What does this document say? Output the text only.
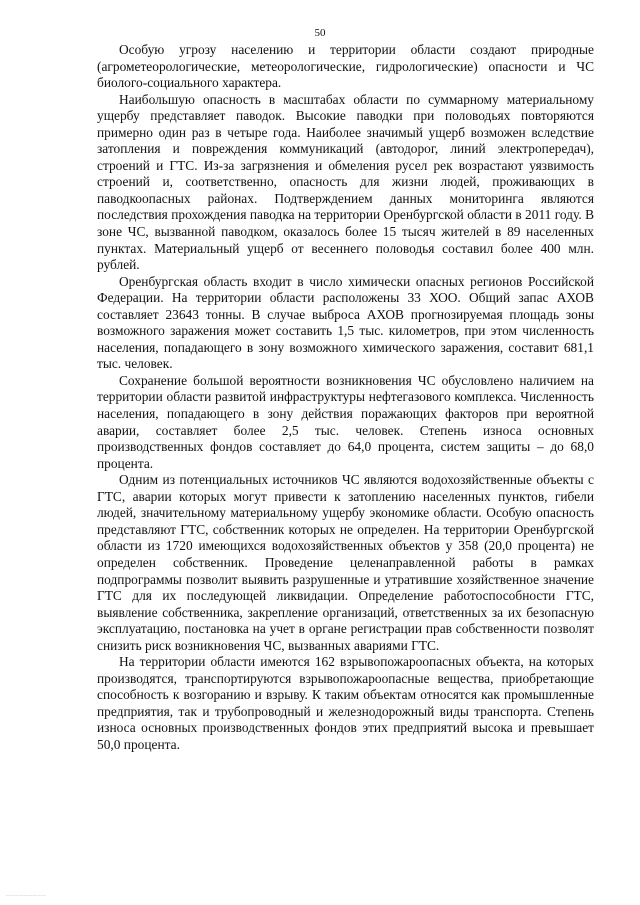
50

Особую угрозу населению и территории области создают природные (агрометеорологические, метеорологические, гидрологические) опасности и ЧС биолого-социального характера.

Наибольшую опасность в масштабах области по суммарному материальному ущербу представляет паводок. Высокие паводки при половодьях повторяются примерно один раз в четыре года. Наиболее значимый ущерб возможен вследствие затопления и повреждения коммуникаций (автодорог, линий электропередач), строений и ГТС. Из-за загрязнения и обмеления русел рек возрастают уязвимость строений и, соответственно, опасность для жизни людей, проживающих в паводкоопасных районах. Подтверждением данных мониторинга являются последствия прохождения паводка на территории Оренбургской области в 2011 году. В зоне ЧС, вызванной паводком, оказалось более 15 тысяч жителей в 89 населенных пунктах. Материальный ущерб от весеннего половодья составил более 400 млн. рублей.

Оренбургская область входит в число химически опасных регионов Российской Федерации. На территории области расположены 33 ХОО. Общий запас АХОВ составляет 23643 тонны. В случае выброса АХОВ прогнозируемая площадь зоны возможного заражения может составить 1,5 тыс. километров, при этом численность населения, попадающего в зону возможного химического заражения, составит 681,1 тыс. человек.

Сохранение большой вероятности возникновения ЧС обусловлено наличием на территории области развитой инфраструктуры нефтегазового комплекса. Численность населения, попадающего в зону действия поражающих факторов при вероятной аварии, составляет более 2,5 тыс. человек. Степень износа основных производственных фондов составляет до 64,0 процента, систем защиты – до 68,0 процента.

Одним из потенциальных источников ЧС являются водохозяйственные объекты с ГТС, аварии которых могут привести к затоплению населенных пунктов, гибели людей, значительному материальному ущербу экономике области. Особую опасность представляют ГТС, собственник которых не определен. На территории Оренбургской области из 1720 имеющихся водохозяйственных объектов у 358 (20,0 процента) не определен собственник. Проведение целенаправленной работы в рамках подпрограммы позволит выявить разрушенные и утратившие хозяйственное значение ГТС для их последующей ликвидации. Определение работоспособности ГТС, выявление собственника, закрепление организаций, ответственных за их безопасную эксплуатацию, постановка на учет в органе регистрации прав собственности позволят снизить риск возникновения ЧС, вызванных авариями ГТС.

На территории области имеются 162 взрывопожароопасных объекта, на которых производятся, транспортируются взрывопожароопасные вещества, приобретающие способность к возгоранию и взрыву. К таким объектам относятся как промышленные предприятия, так и трубопроводный и железнодорожный виды транспорта. Степень износа основных производственных фондов этих предприятий высока и превышает 50,0 процента.

―――――――――
